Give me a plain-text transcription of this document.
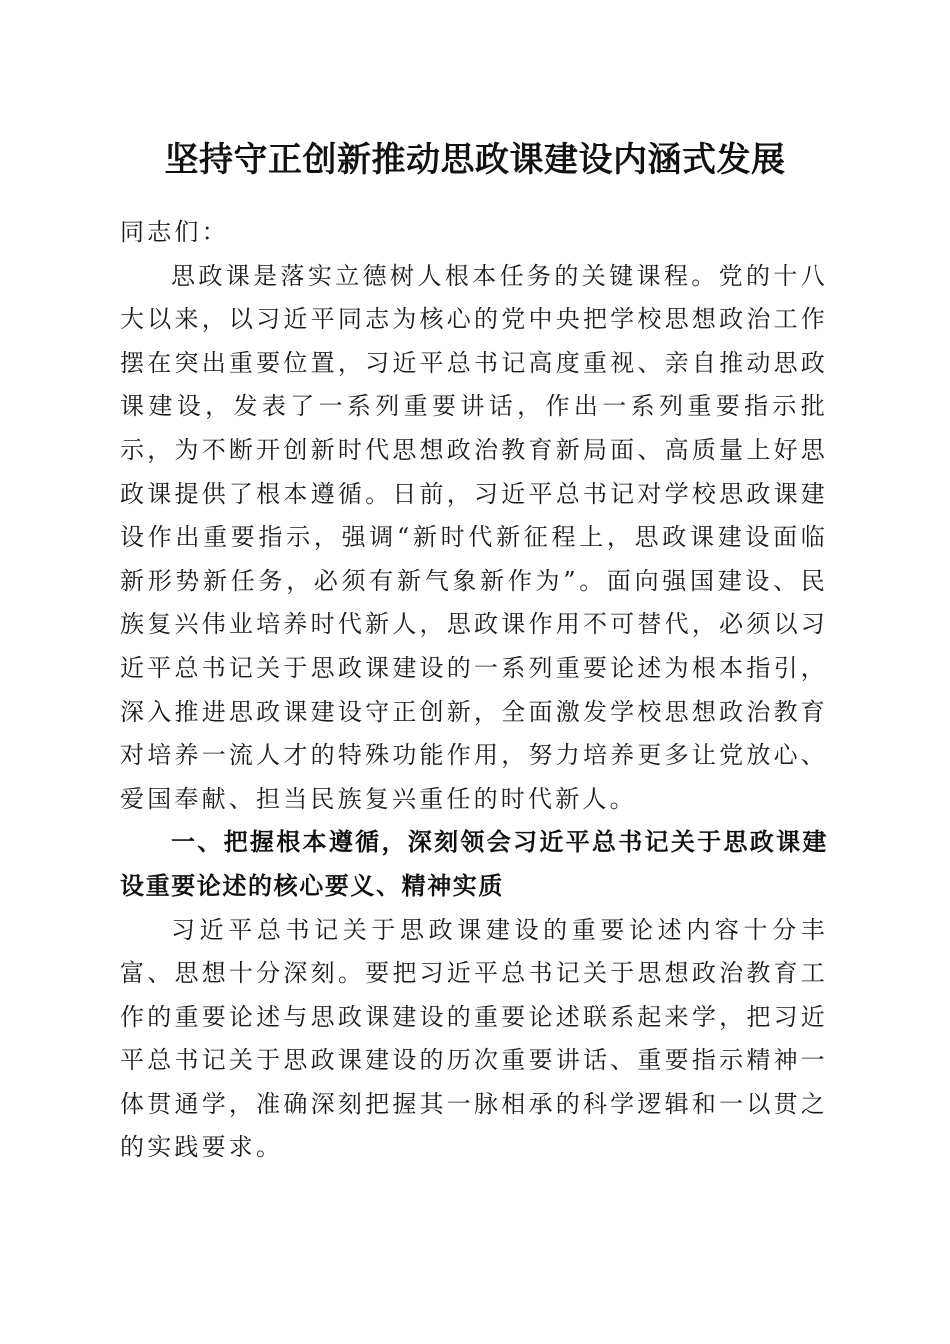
坚持守正创新推动思政课建设内涵式发展

同志们：

思政课是落实立德树人根本任务的关键课程。党的十八大以来，以习近平同志为核心的党中央把学校思想政治工作摆在突出重要位置，习近平总书记高度重视、亲自推动思政课建设，发表了一系列重要讲话，作出一系列重要指示批示，为不断开创新时代思想政治教育新局面、高质量上好思政课提供了根本遵循。日前，习近平总书记对学校思政课建设作出重要指示，强调“新时代新征程上，思政课建设面临新形势新任务，必须有新气象新作为”。面向强国建设、民族复兴伟业培养时代新人，思政课作用不可替代，必须以习近平总书记关于思政课建设的一系列重要论述为根本指引，深入推进思政课建设守正创新，全面激发学校思想政治教育对培养一流人才的特殊功能作用，努力培养更多让党放心、爱国奉献、担当民族复兴重任的时代新人。

一、把握根本遵循，深刻领会习近平总书记关于思政课建设重要论述的核心要义、精神实质

习近平总书记关于思政课建设的重要论述内容十分丰富、思想十分深刻。要把习近平总书记关于思想政治教育工作的重要论述与思政课建设的重要论述联系起来学，把习近平总书记关于思政课建设的历次重要讲话、重要指示精神一体贯通学，准确深刻把握其一脉相承的科学逻辑和一以贯之的实践要求。
